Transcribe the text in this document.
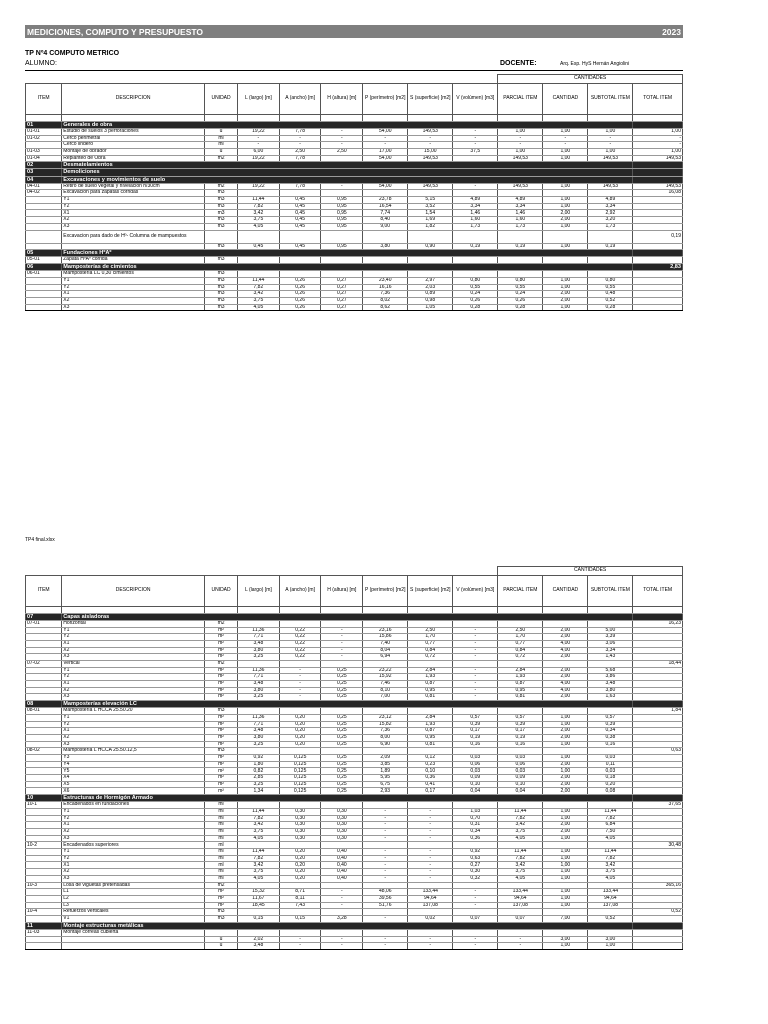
MEDICIONES, COMPUTO Y PRESUPUESTO	2023
TP Nº4 COMPUTO METRICO
ALUMNO:	DOCENTE:	Arq. Esp. HyS Hernán Angiolini
									CANTIDADES			
ITEM	DESCRIPCION	UNIDAD	L (largo) [m]	A (ancho) [m]	H (altura) [m]	P (perímetro) [m2]	S (superficie) [m2]	V (volúmen) [m3]	PARCIAL ITEM	CANTIDAD	SUBTOTAL ITEM	TOTAL ITEM

01	Generales de obra											
01-01	Estudio de suelos 3 perforaciones	u	19,22	7,78	-	54,00	149,53	-	1,00	1,00	1,00	1,00
01-02	Cerco perimetral	ml	-	-	-	-	-	-	-	-	-	-
	Cerco lindero	ml	-	-	-	-	-	-	-	-	-	-
01-03	Montaje de obrador	u	6,00	2,50	2,50	17,00	15,00	37,5	1,00	1,00	1,00	1,00
01-04	Replanteo de Obra	m2	19,22	7,78		54,00	149,53		149,53	1,00	149,53	149,53
02	Desmatelamientos											
03	Demoliciones											
04	Excavaciones y movimientos de suelo											
04-01	Retiro de suelo vegetal y nivelación h/30cm	m2	19,22	7,78	-	54,00	149,53	-	149,53	1,00	149,53	149,53
04-02	Excavacion para zapatas corridas	m3										16,08
	Y1	m3	11,44	0,45	0,95	23,78	5,15	4,89	4,89	1,00	4,89	
	Y2	m3	7,82	0,45	0,95	16,54	3,52	3,34	3,34	1,00	3,34	
	X1	m3	3,42	0,45	0,95	7,74	1,54	1,46	1,46	2,00	2,92	
	X2	m3	3,75	0,45	0,95	8,40	1,69	1,60	1,60	2,00	3,20	
	X3	m3	4,05	0,45	0,95	9,00	1,82	1,73	1,73	1,00	1,73	
	Excavacion para dado de Hº- Columna de mampuestos											0,19
		m3	0,45	0,45	0,95	3,80	0,90	0,19	0,19	1,00	0,19	
05	Fundaciones HºAº											
05-01	Zapata HºAº corrida	m3										
06	Mamposterías de cimientos											2,83
06-01	Mampostería LC 0,30 cimientos	m3										
	Y1	m3	11,44	0,26	0,27	23,40	2,97	0,80	0,80	1,00	0,80	
	Y2	m3	7,82	0,26	0,27	16,16	2,03	0,55	0,55	1,00	0,55	
	X1	m3	3,42	0,26	0,27	7,36	0,89	0,24	0,24	2,00	0,48	
	X2	m3	3,75	0,26	0,27	8,02	0,98	0,26	0,26	2,00	0,52	
	X3	m3	4,05	0,26	0,27	8,62	1,05	0,28	0,28	1,00	0,28	
TP4 final.xlsx
									CANTIDADES			
ITEM	DESCRIPCION	UNIDAD	L (largo) [m]	A (ancho) [m]	H (altura) [m]	P (perímetro) [m2]	S (superficie) [m2]	V (volúmen) [m3]	PARCIAL ITEM	CANTIDAD	SUBTOTAL ITEM	TOTAL ITEM

07	Capas aisladoras											
07-01	Horizontal	m2										16,23
	Y1	m²	11,36	0,22	-	23,16	2,50	-	2,50	2,00	5,00	
	Y2	m²	7,71	0,22	-	15,86	1,70	-	1,70	2,00	3,39	
	X1	m²	3,48	0,22	-	7,40	0,77	-	0,77	4,00	3,06	
	X2	m²	3,80	0,22	-	8,04	0,84	-	0,84	4,00	3,34	
	X3	m²	3,25	0,22	-	6,94	0,72	-	0,72	2,00	1,43	
07-02	Vertical	m2										18,44
	Y1	m²	11,36	-	0,25	23,22	2,84	-	2,84	2,00	5,68	
	Y2	m²	7,71	-	0,25	15,92	1,93	-	1,93	2,00	3,86	
	X1	m²	3,48	-	0,25	7,46	0,87	-	0,87	4,00	3,48	
	X2	m²	3,80	-	0,25	8,10	0,95	-	0,95	4,00	3,80	
	X3	m²	3,25	-	0,25	7,00	0,81	-	0,81	2,00	1,63	
08	Mamposterías elevación LC											
08-01	Mampostería L HCCA 25.50.20	m3										1,84
	Y1	m²	11,36	0,20	0,25	23,12	2,84	0,57	0,57	1,00	0,57	
	Y2	m²	7,71	0,20	0,25	15,82	1,93	0,39	0,39	1,00	0,39	
	X1	m²	3,48	0,20	0,25	7,36	0,87	0,17	0,17	2,00	0,34	
	X2	m²	3,80	0,20	0,25	8,00	0,95	0,19	0,19	2,00	0,38	
	X3	m²	3,25	0,20	0,25	6,90	0,81	0,16	0,16	1,00	0,16	
08-02	Mampostería L HCCA 25.50.12,5	m3										0,63
	Y3	m²	0,92	0,125	0,25	2,09	0,12	0,03	0,03	1,00	0,03	
	Y4	m²	1,80	0,125	0,25	3,85	0,23	0,06	0,06	2,00	0,11	
	Y5	m²	0,82	0,125	0,25	1,89	0,10	0,03	0,03	1,00	0,03	
	X4	m²	2,85	0,125	0,25	5,95	0,36	0,09	0,09	2,00	0,18	
	X5	m²	3,25	0,125	0,25	6,75	0,41	0,10	0,10	2,00	0,20	
	X6	m²	1,34	0,125	0,25	2,93	0,17	0,04	0,04	2,00	0,08	
10	Estructuras de Hormigón Armado											
10-1	Encadenados en fundaciones	ml										37,65
	Y1	ml	11,44	0,30	0,30	-	-	1,03	11,44	1,00	11,44	
	Y2	ml	7,82	0,30	0,30	-	-	0,70	7,82	1,00	7,82	
	X1	ml	3,42	0,30	0,30	-	-	0,31	3,42	2,00	6,84	
	X2	ml	3,75	0,30	0,30	-	-	0,34	3,75	2,00	7,50	
	X3	ml	4,05	0,30	0,30	-	-	0,36	4,05	1,00	4,05	
10-2	Encadenados superiores	ml										30,48
	Y1	ml	11,44	0,20	0,40	-	-	0,92	11,44	1,00	11,44	
	Y2	ml	7,82	0,20	0,40	-	-	0,63	7,82	1,00	7,82	
	X1	ml	3,42	0,20	0,40	-	-	0,27	3,42	1,00	3,42	
	X2	ml	3,75	0,20	0,40	-	-	0,30	3,75	1,00	3,75	
	X3	ml	4,05	0,20	0,40	-	-	0,32	4,05	1,00	4,05	
10-3	Losa de viguetas pretensadas	m2										365,16
	L1	m²	15,32	8,71	-	48,06	133,44	-	133,44	1,00	133,44	
	L2	m²	11,67	8,11	-	39,56	94,64	-	94,64	1,00	94,64	
	L3	m²	18,45	7,43	-	51,76	137,08	-	137,08	1,00	137,08	
10-4	Refuerzos verticales	m3										0,52
	V1	m3	0,15	0,15	3,28	-	0,02	0,07	0,07	7,00	0,52	
11	Montaje estructuras metálicas											
11-03	Montaje correas cubierta											
		u	2,02	-	-	-	-	-	-	3,00	3,00	
		u	3,48	-	-	-	-	-	-	1,00	1,00	
